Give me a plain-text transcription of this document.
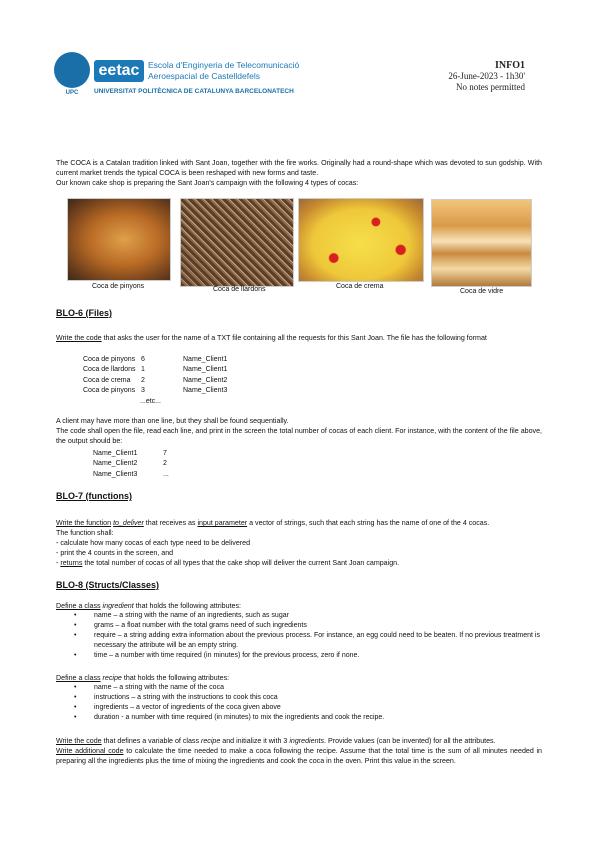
UPC
eetac	Escola d'Enginyeria de Telecomunicació
Aeroespacial de Castelldefels
UNIVERSITAT POLITÈCNICA DE CATALUNYA BARCELONATECH
INFO1
26-June-2023 - 1h30'
No notes permitted
The COCA is a Catalan tradition linked with Sant Joan, together with the fire works. Originally had a round-shape which was devoted to sun godship. With current market trends the typical COCA is been reshaped with new forms and taste.
Our known cake shop is preparing the Sant Joan's campaign with the following 4 types of cocas:
Coca de pinyons	Coca de llardons	Coca de crema
Coca de vidre
BLO-6 (Files)
Write the code that asks the user for the name of a TXT file containing all the requests for this Sant Joan. The file has the following format
Coca de pinyons 6	Name_Client1
Coca de llardons 1	Name_Client1
Coca de crema 2	Name_Client2
Coca de pinyons 3	Name_Client3
...etc...
A client may have more than one line, but they shall be found sequentially.
The code shall open the file, read each line, and print in the screen the total number of cocas of each client. For instance, with the content of the file above, the output should be:
Name_Client1	7
Name_Client2	2
Name_Client3	...
BLO-7 (functions)
Write the function to_deliver that receives as input parameter a vector of strings, such that each string has the name of one of the 4 cocas.
The function shall:
- calculate how many cocas of each type need to be delivered
- print the 4 counts in the screen, and
- returns the total number of cocas of all types that the cake shop will deliver the current Sant Joan campaign.
BLO-8 (Structs/Classes)
Define a class ingredient that holds the following attributes:
•	name – a string with the name of an ingredients, such as sugar
•	grams – a float number with the total grams need of such ingredients
•	require – a string adding extra information about the previous process. For instance, an egg could need to be beaten. If no previous treatment is necessary the attribute will be an empty string.
•	time – a number with time required (in minutes) for the previous process, zero if none.
Define a class recipe that holds the following attributes:
•	name – a string with the name of the coca
•	instructions – a string with the instructions to cook this coca
•	ingredients – a vector of ingredients of the coca given above
•	duration - a number with time required (in minutes) to mix the ingredients and cook the recipe.
Write the code that defines a variable of class recipe and initialize it with 3 ingredients. Provide values (can be invented) for all the attributes.
Write additional code to calculate the time needed to make a coca following the recipe. Assume that the total time is the sum of all minutes needed in preparing all the ingredients plus the time of mixing the ingredients and cook the coca in the oven. Print this value in the screen.
